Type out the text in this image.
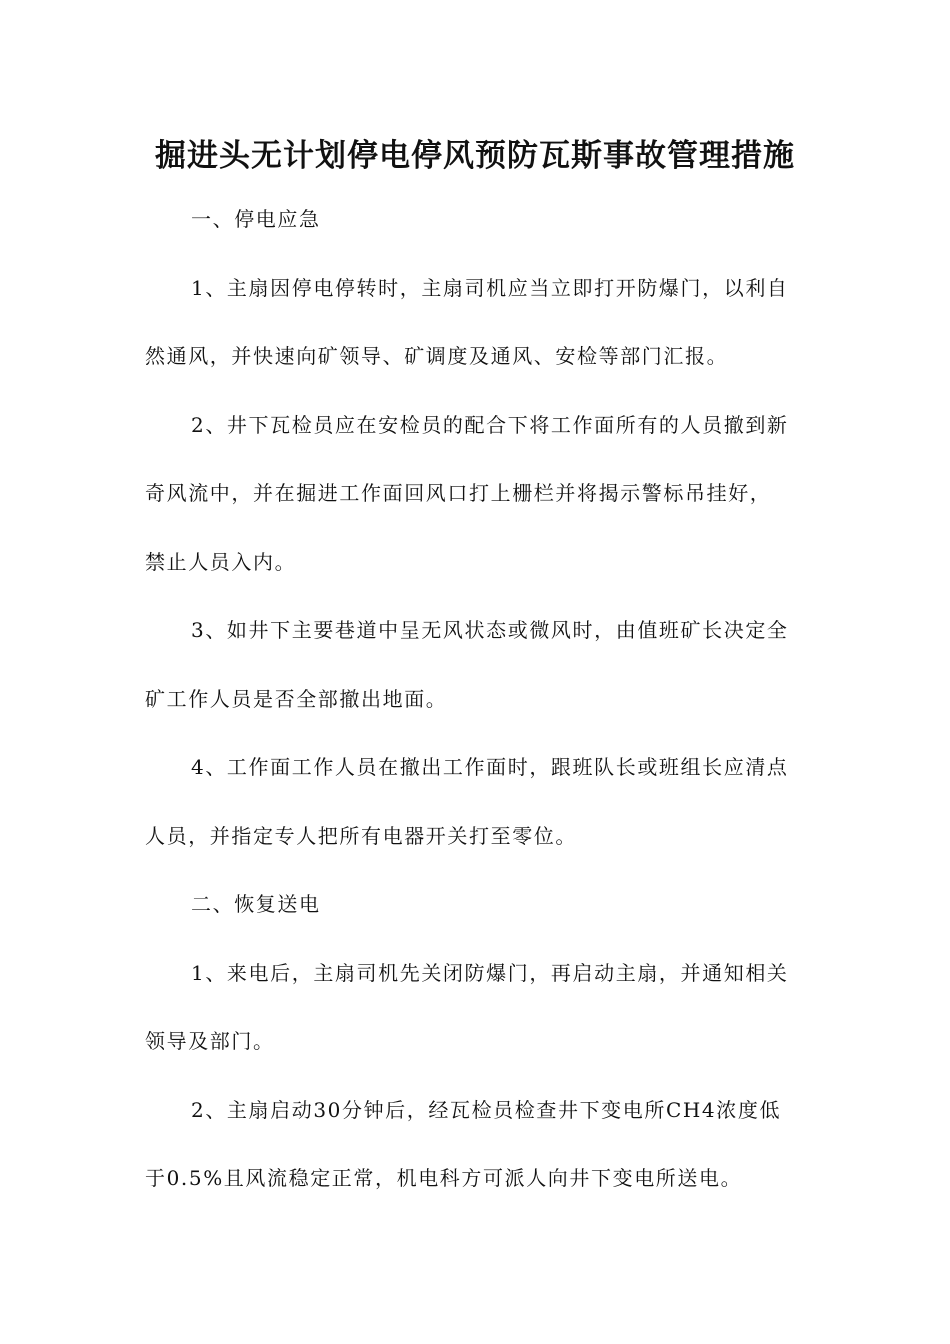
掘进头无计划停电停风预防瓦斯事故管理措施
一、停电应急
1、主扇因停电停转时，主扇司机应当立即打开防爆门，以利自
然通风，并快速向矿领导、矿调度及通风、安检等部门汇报。
2、井下瓦检员应在安检员的配合下将工作面所有的人员撤到新
奇风流中，并在掘进工作面回风口打上栅栏并将揭示警标吊挂好，
禁止人员入内。
3、如井下主要巷道中呈无风状态或微风时，由值班矿长决定全
矿工作人员是否全部撤出地面。
4、工作面工作人员在撤出工作面时，跟班队长或班组长应清点
人员，并指定专人把所有电器开关打至零位。
二、恢复送电
1、来电后，主扇司机先关闭防爆门，再启动主扇，并通知相关
领导及部门。
2、主扇启动30分钟后，经瓦检员检查井下变电所CH4浓度低
于0.5%且风流稳定正常，机电科方可派人向井下变电所送电。
